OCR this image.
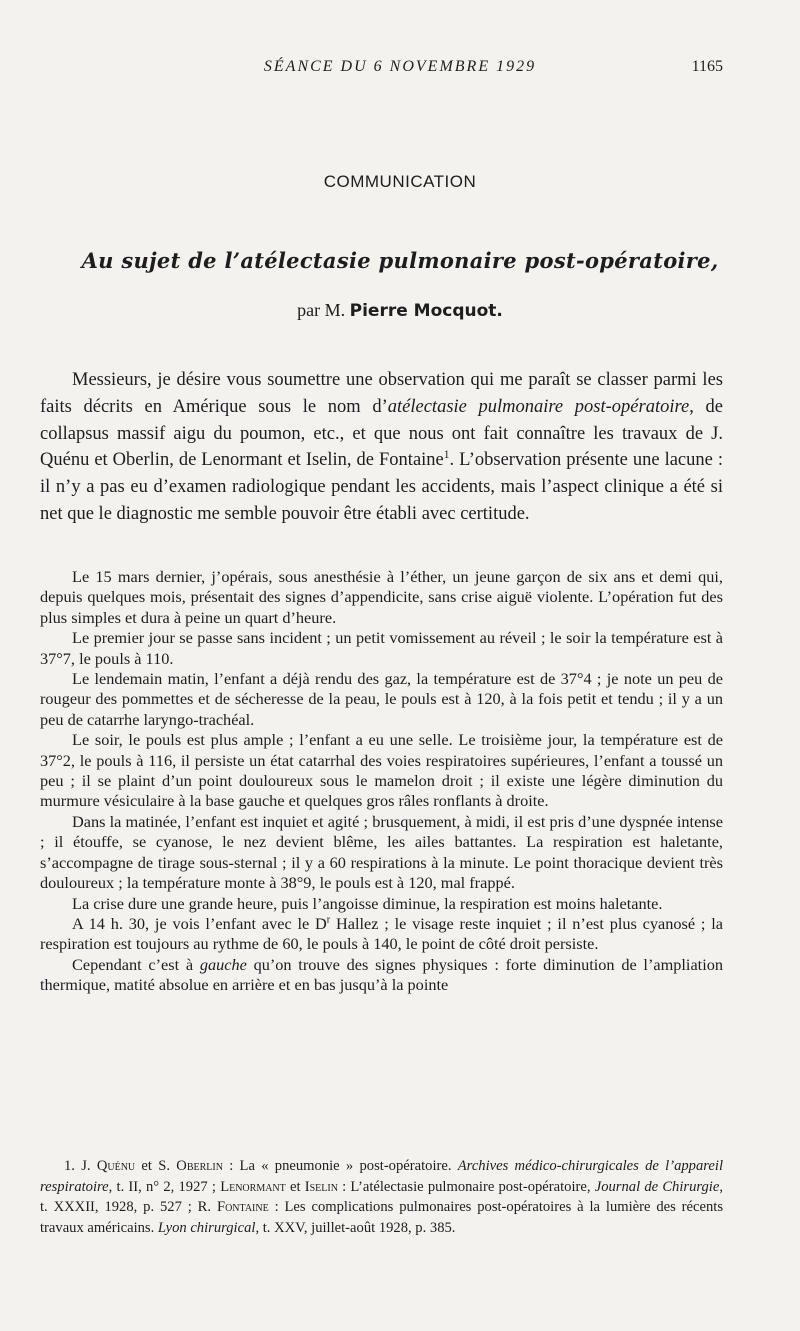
SÉANCE DU 6 NOVEMBRE 1929	1165
COMMUNICATION
Au sujet de l’atélectasie pulmonaire post-opératoire,
par M. Pierre Mocquot.

Messieurs, je désire vous soumettre une observation qui me paraît se classer parmi les faits décrits en Amérique sous le nom d’atélectasie pulmonaire post-opératoire, de collapsus massif aigu du poumon, etc., et que nous ont fait connaître les travaux de J. Quénu et Oberlin, de Lenormant et Iselin, de Fontaine$^1$. L’observation présente une lacune : il n’y a pas eu d’examen radiologique pendant les accidents, mais l’aspect clinique a été si net que le diagnostic me semble pouvoir être établi avec certitude.

Le 15 mars dernier, j’opérais, sous anesthésie à l’éther, un jeune garçon de six ans et demi qui, depuis quelques mois, présentait des signes d’appendicite, sans crise aiguë violente. L’opération fut des plus simples et dura à peine un quart d’heure.

Le premier jour se passe sans incident ; un petit vomissement au réveil ; le soir la température est à 37°7, le pouls à 110.

Le lendemain matin, l’enfant a déjà rendu des gaz, la température est de 37°4 ; je note un peu de rougeur des pommettes et de sécheresse de la peau, le pouls est à 120, à la fois petit et tendu ; il y a un peu de catarrhe laryngo-trachéal.

Le soir, le pouls est plus ample ; l’enfant a eu une selle. Le troisième jour, la température est de 37°2, le pouls à 116, il persiste un état catarrhal des voies respiratoires supérieures, l’enfant a toussé un peu ; il se plaint d’un point douloureux sous le mamelon droit ; il existe une légère diminution du murmure vésiculaire à la base gauche et quelques gros râles ronflants à droite.

Dans la matinée, l’enfant est inquiet et agité ; brusquement, à midi, il est pris d’une dyspnée intense ; il étouffe, se cyanose, le nez devient blême, les ailes battantes. La respiration est haletante, s’accompagne de tirage sous-sternal ; il y a 60 respirations à la minute. Le point thoracique devient très douloureux ; la température monte à 38°9, le pouls est à 120, mal frappé.

La crise dure une grande heure, puis l’angoisse diminue, la respiration est moins haletante.

A 14 h. 30, je vois l’enfant avec le $D^r$ Hallez ; le visage reste inquiet ; il n’est plus cyanosé ; la respiration est toujours au rythme de 60, le pouls à 140, le point de côté droit persiste.

Cependant c’est à gauche qu’on trouve des signes physiques : forte diminution de l’ampliation thermique, matité absolue en arrière et en bas jusqu’à la pointe

1. J. Quénu et S. Oberlin : La « pneumonie » post-opératoire. Archives médico-chirurgicales de l’appareil respiratoire, t. II, n° 2, 1927 ; Lenormant et Iselin : L’atélectasie pulmonaire post-opératoire, Journal de Chirurgie, t. XXXII, 1928, p. 527 ; R. Fontaine : Les complications pulmonaires post-opératoires à la lumière des récents travaux américains. Lyon chirurgical, t. XXV, juillet-août 1928, p. 385.
